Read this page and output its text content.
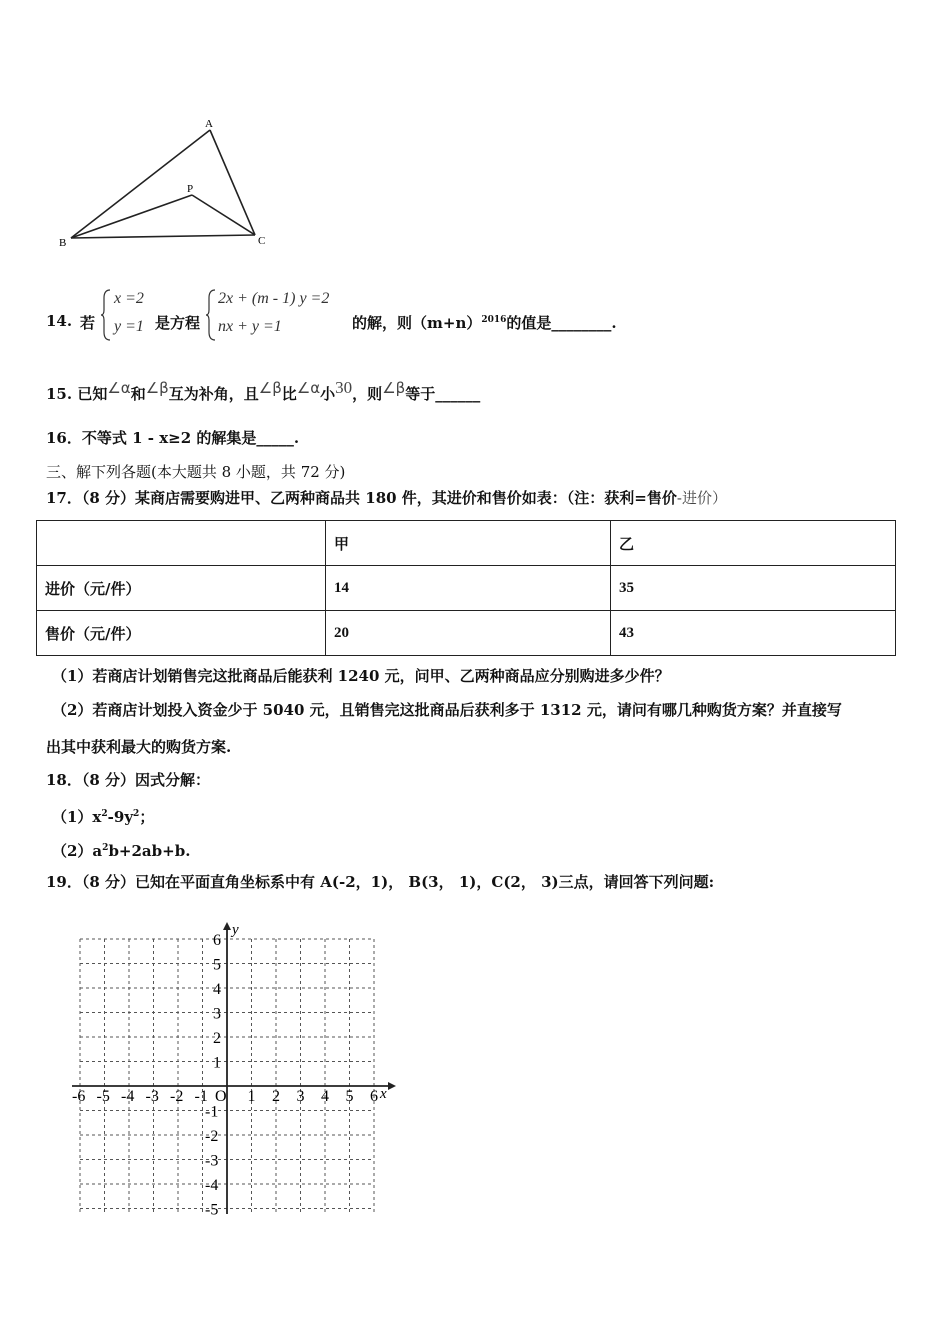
A
B	C
P
14. 若
x =2
y =1 是方程
2x + (m - 1) y =2
nx + y =1	的解，则$(m+n)^{2016}$的值是________.
15. 已知∠α和∠β互为补角，且∠β比∠α小30，则∠β等于______
16．不等式 1 - x≥2 的解集是_____.
三、解下列各题(本大题共 8 小题，共 72 分)
17．（8 分）某商店需要购进甲、乙两种商品共 180 件，其进价和售价如表：（注：获利=售价-进价）
	甲	乙
进价（元/件）	14	35
售价（元/件）	20	43
（1）若商店计划销售完这批商品后能获利 1240 元，问甲、乙两种商品应分别购进多少件？
（2）若商店计划投入资金少于 5040 元，且销售完这批商品后获利多于 1312 元，请问有哪几种购货方案？并直接写
出其中获利最大的购货方案.
18．（8 分）因式分解：
$(1)x^2-9y^2$；
$(2)a^2b+2ab+b$.
19．（8 分）已知在平面直角坐标系中有 A(-2，1)， B(3， 1)，C(2， 3)三点，请回答下列问题:
x
y
O
-6 -5 -4 -3 -2 -1 1 2 3 4 5 6
6
5
4
3
2
1
-1
-2
-3
-4
-5
